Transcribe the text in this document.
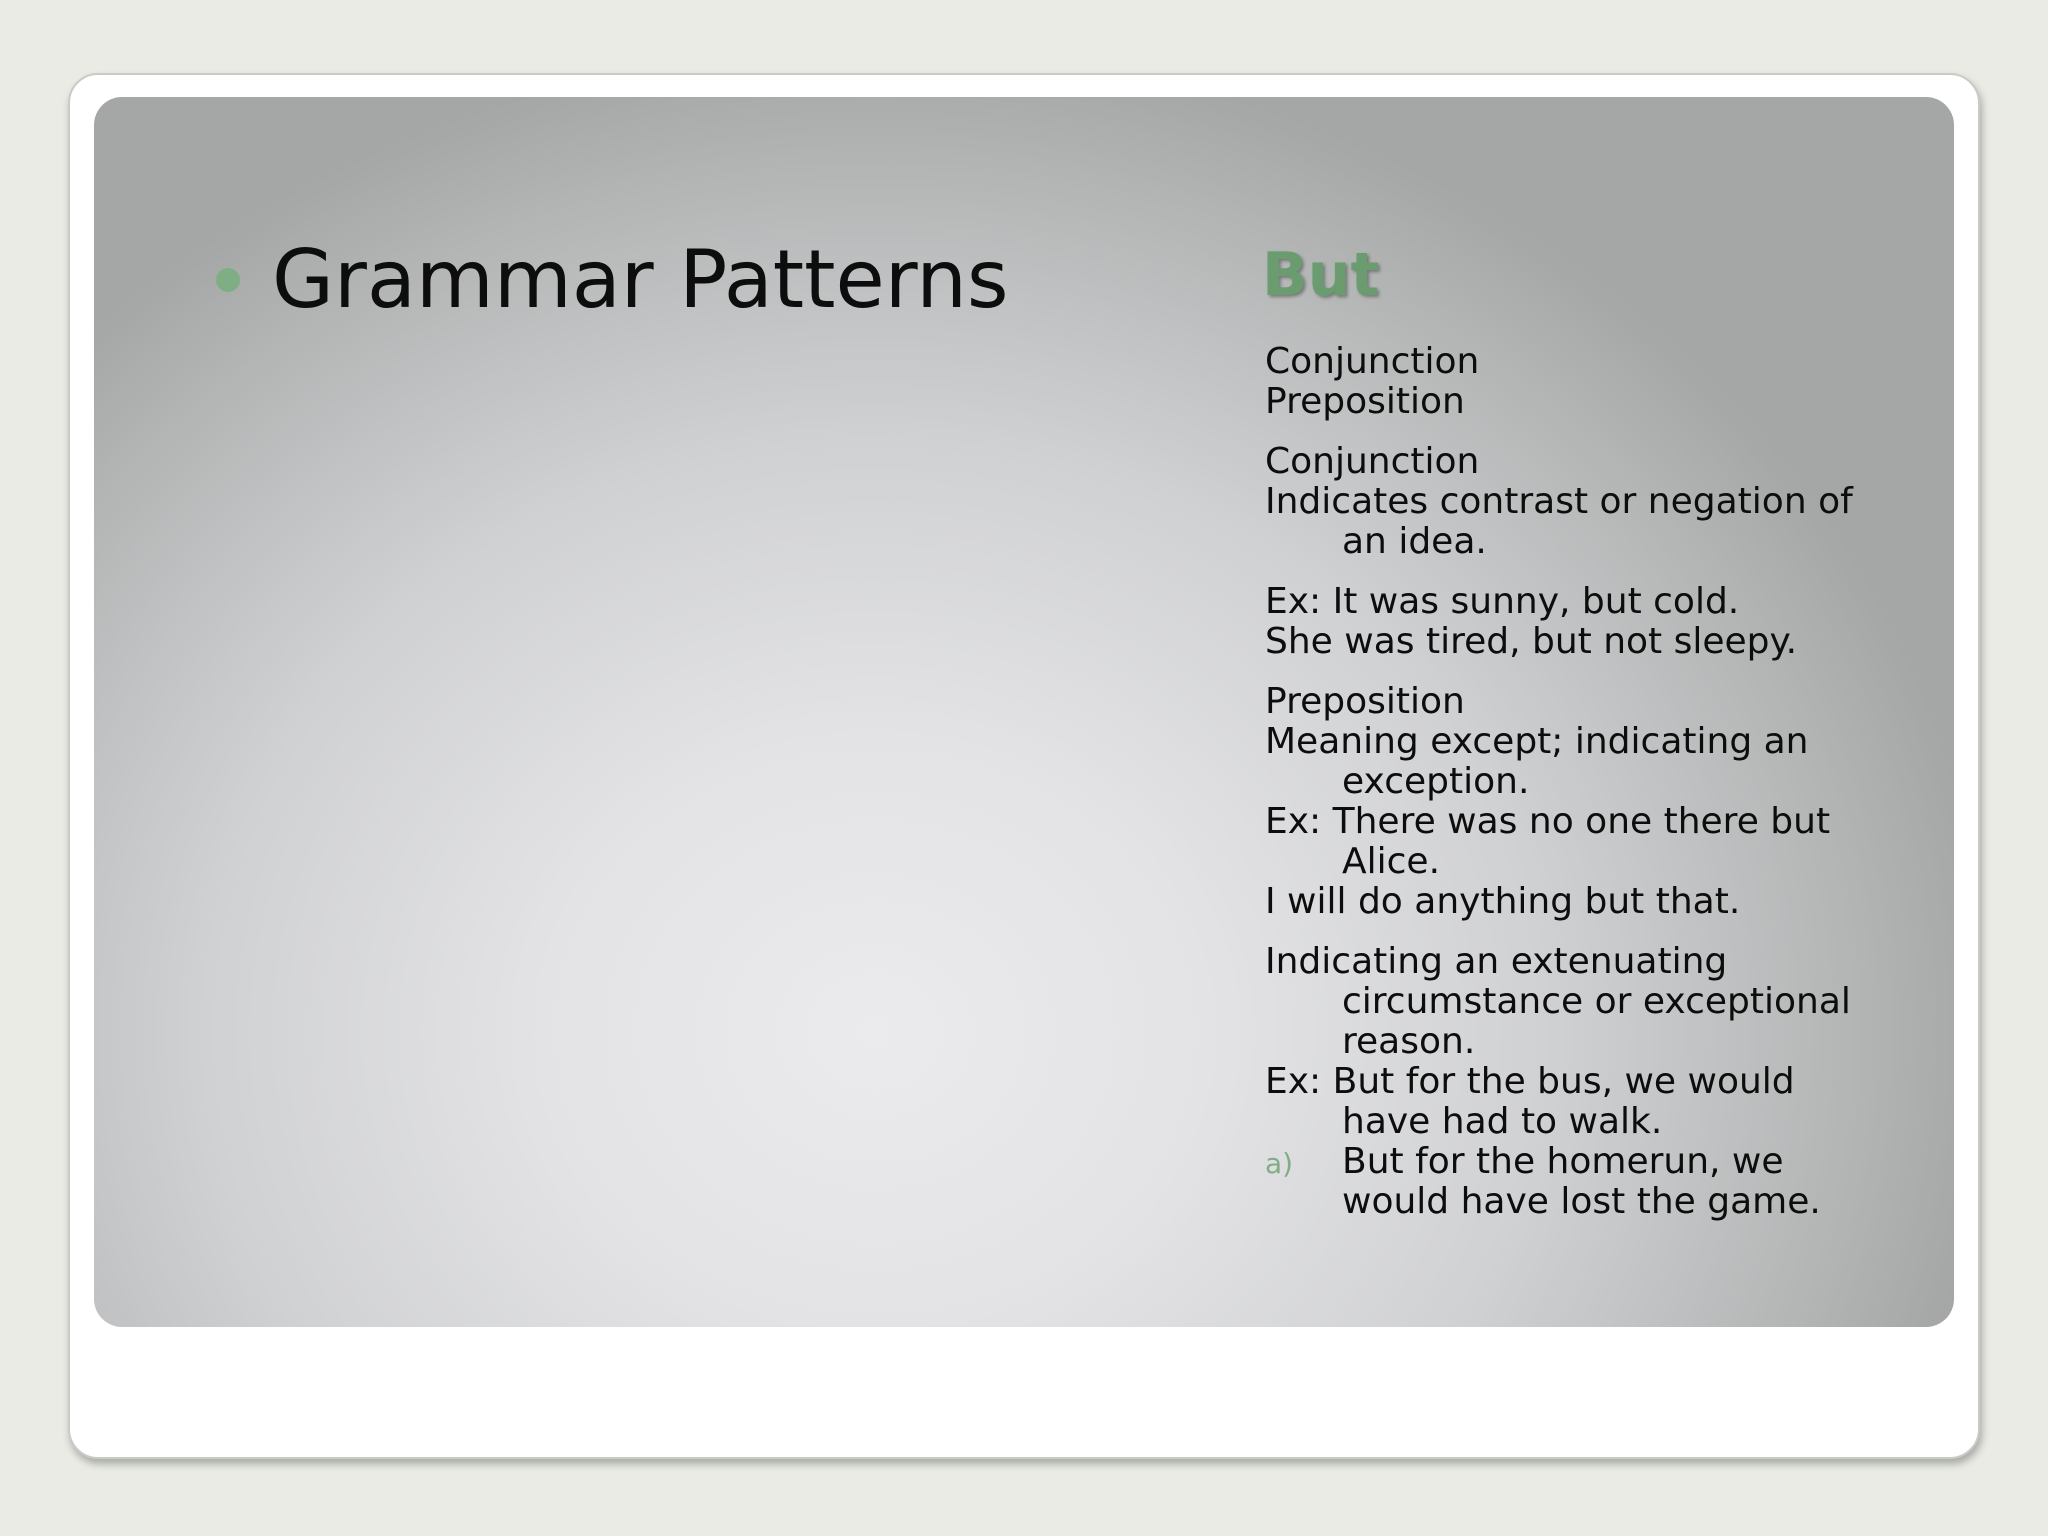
Grammar Patterns	But
Conjunction
Preposition
Conjunction
Indicates contrast or negation of
an idea.
Ex: It was sunny, but cold.
She was tired, but not sleepy.
Preposition
Meaning except; indicating an
exception.
Ex: There was no one there but
Alice.
I will do anything but that.
Indicating an extenuating
circumstance or exceptional
reason.
Ex: But for the bus, we would
have had to walk.
a)	But for the homerun, we
would have lost the game.
